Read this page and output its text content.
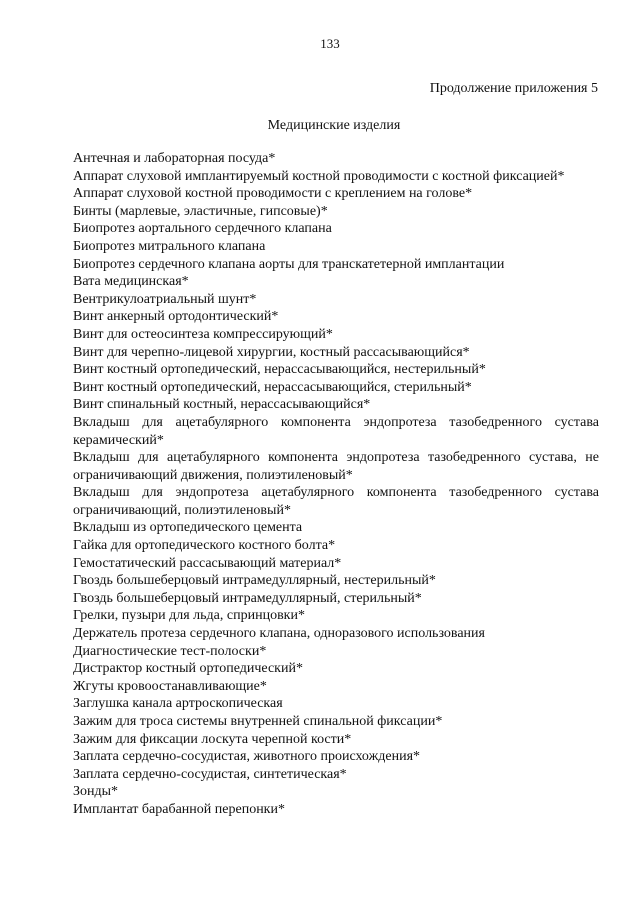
133
Продолжение приложения 5
Медицинские изделия
Антечная и лабораторная посуда*
Аппарат слуховой имплантируемый костной проводимости с костной фиксацией*
Аппарат слуховой костной проводимости с креплением на голове*
Бинты (марлевые, эластичные, гипсовые)*
Биопротез аортального сердечного клапана
Биопротез митрального клапана
Биопротез сердечного клапана аорты для транскатетерной имплантации
Вата медицинская*
Вентрикулоатриальный шунт*
Винт анкерный ортодонтический*
Винт для остеосинтеза компрессирующий*
Винт для черепно-лицевой хирургии, костный рассасывающийся*
Винт костный ортопедический, нерассасывающийся, нестерильный*
Винт костный ортопедический, нерассасывающийся, стерильный*
Винт спинальный костный, нерассасывающийся*
Вкладыш для ацетабулярного компонента эндопротеза тазобедренного сустава керамический*
Вкладыш для ацетабулярного компонента эндопротеза тазобедренного сустава, не ограничивающий движения, полиэтиленовый*
Вкладыш для эндопротеза ацетабулярного компонента тазобедренного сустава ограничивающий, полиэтиленовый*
Вкладыш из ортопедического цемента
Гайка для ортопедического костного болта*
Гемостатический рассасывающий материал*
Гвоздь большеберцовый интрамедуллярный, нестерильный*
Гвоздь большеберцовый интрамедуллярный, стерильный*
Грелки, пузыри для льда, спринцовки*
Держатель протеза сердечного клапана, одноразового использования
Диагностические тест-полоски*
Дистрактор костный ортопедический*
Жгуты кровоостанавливающие*
Заглушка канала артроскопическая
Зажим для троса системы внутренней спинальной фиксации*
Зажим для фиксации лоскута черепной кости*
Заплата сердечно-сосудистая, животного происхождения*
Заплата сердечно-сосудистая, синтетическая*
Зонды*
Имплантат барабанной перепонки*
